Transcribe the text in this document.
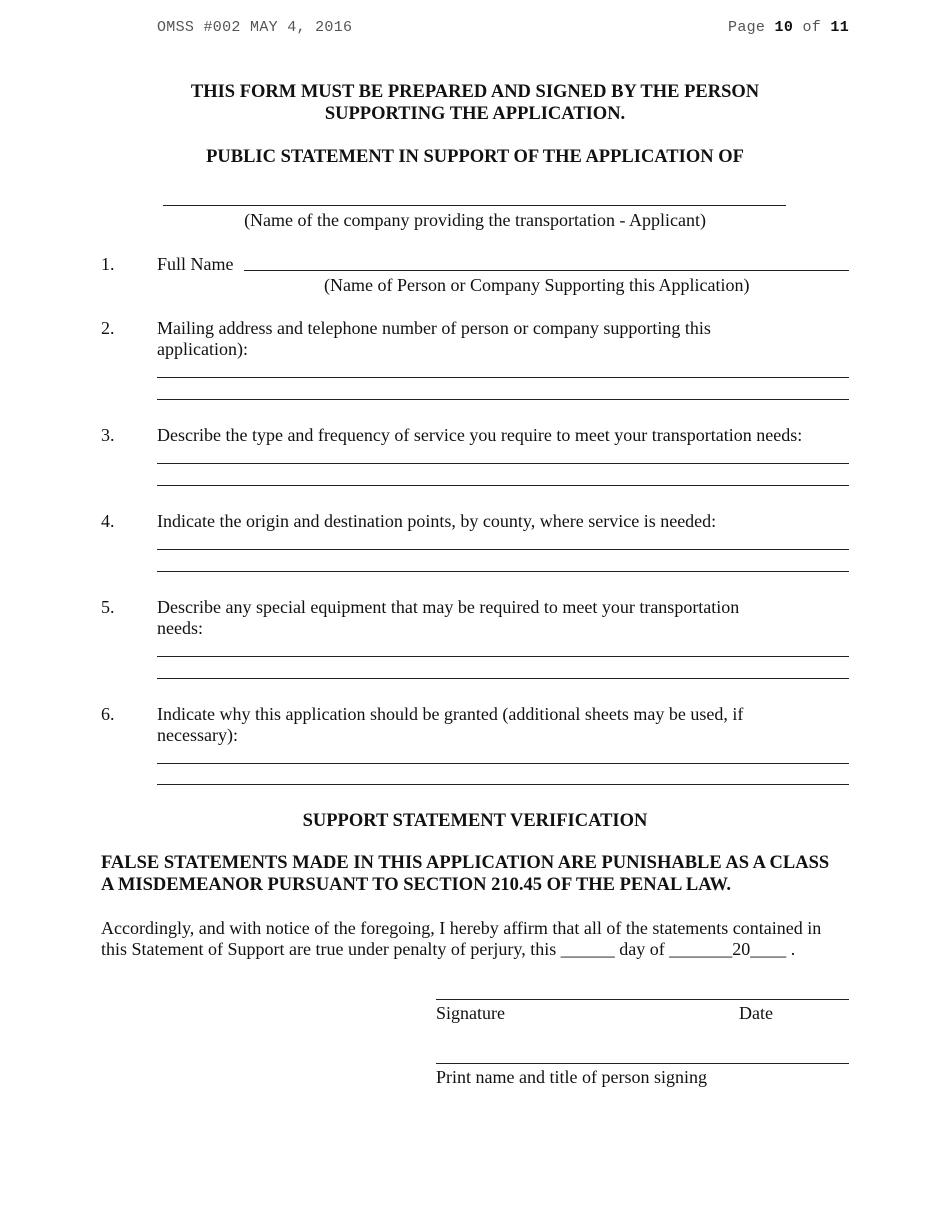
OMSS #002 MAY 4, 2016	Page 10 of 11
THIS FORM MUST BE PREPARED AND SIGNED BY THE PERSON
SUPPORTING THE APPLICATION.
PUBLIC STATEMENT IN SUPPORT OF THE APPLICATION OF
(Name of the company providing the transportation - Applicant)
1. Full Name
(Name of Person or Company Supporting this Application)
2. Mailing address and telephone number of person or company supporting this
application):
3. Describe the type and frequency of service you require to meet your transportation needs:
4. Indicate the origin and destination points, by county, where service is needed:
5. Describe any special equipment that may be required to meet your transportation
needs:
6. Indicate why this application should be granted (additional sheets may be used, if
necessary):
SUPPORT STATEMENT VERIFICATION
FALSE STATEMENTS MADE IN THIS APPLICATION ARE PUNISHABLE AS A CLASS
A MISDEMEANOR PURSUANT TO SECTION 210.45 OF THE PENAL LAW.
Accordingly, and with notice of the foregoing, I hereby affirm that all of the statements contained in
this Statement of Support are true under penalty of perjury, this ______ day of _______20____ .
Signature	Date
Print name and title of person signing
